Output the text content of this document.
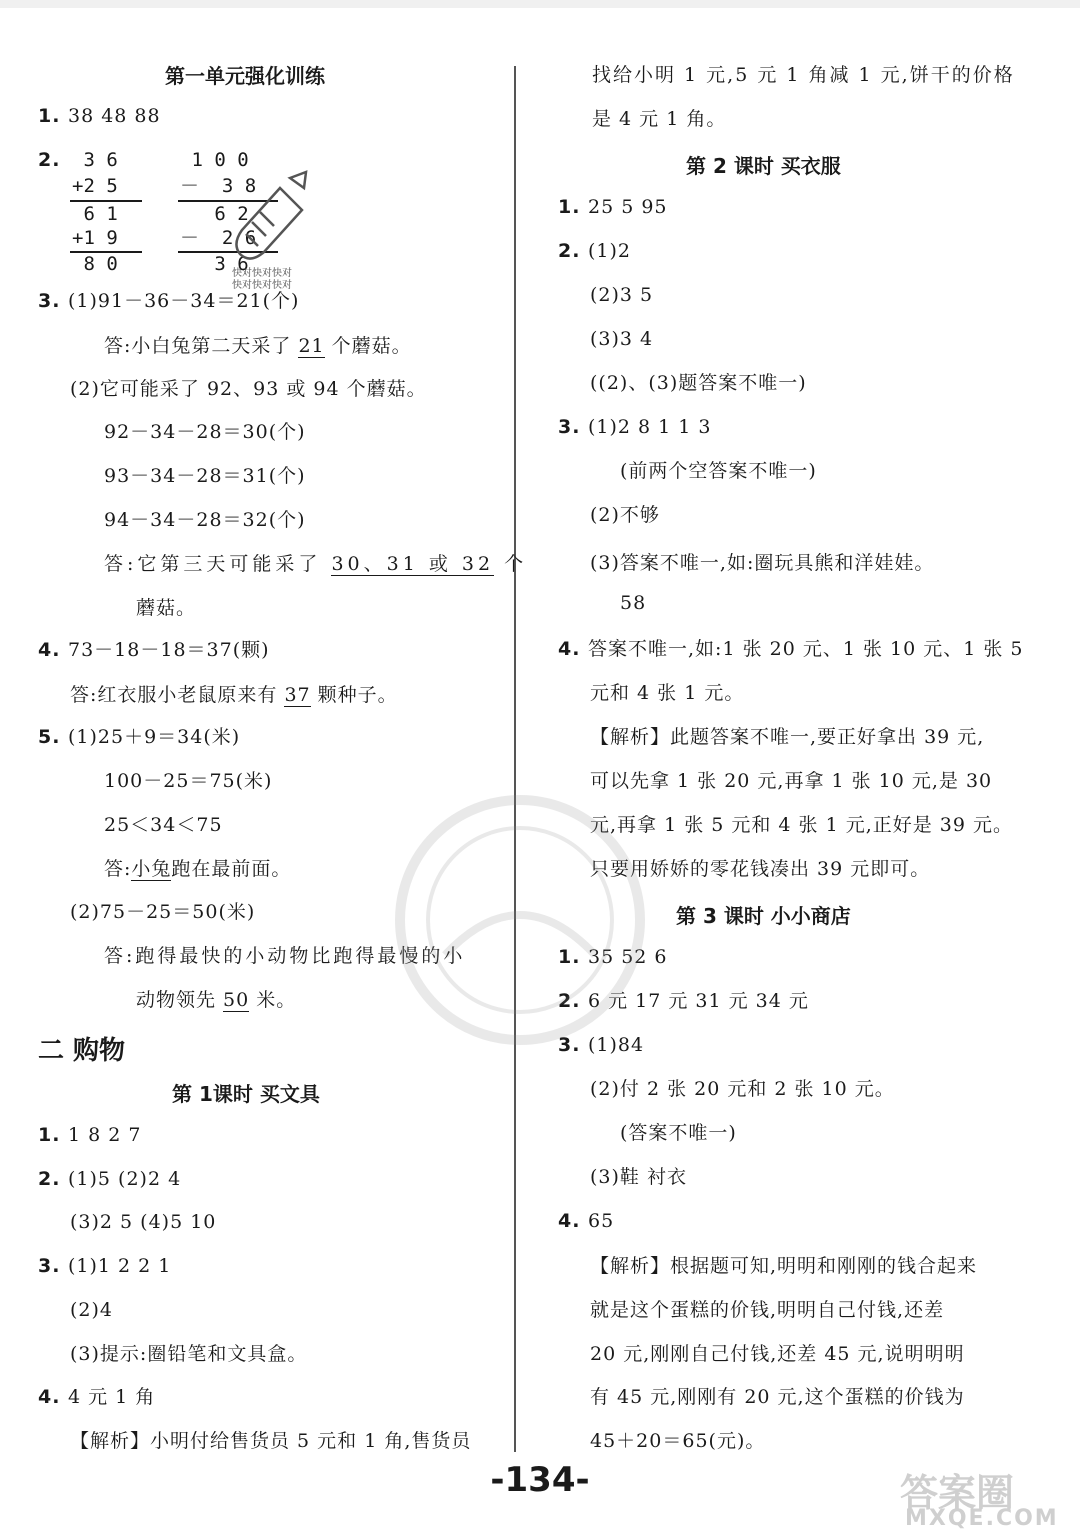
第一单元强化训练
1. 38 48 88
2. 3 6
+2 5
6 1
+1 9
8 0
1 0 0
－  3 8
6 2
－  2 6
3 6
快对快对快对
快对快对快对
3. (1)91－36－34＝21(个)
答:小白兔第二天采了 21 个蘑菇。
(2)它可能采了 92、93 或 94 个蘑菇。
92－34－28＝30(个)
93－34－28＝31(个)
94－34－28＝32(个)
答:它第三天可能采了 30、31 或 32 个
蘑菇。
4. 73－18－18＝37(颗)
答:红衣服小老鼠原来有 37 颗种子。
5. (1)25＋9＝34(米)
100－25＝75(米)
25＜34＜75
答:小兔跑在最前面。
(2)75－25＝50(米)
答:跑得最快的小动物比跑得最慢的小
动物领先 50 米。
二 购物
第 1课时 买文具
1. 1 8 2 7
2. (1)5 (2)2 4
(3)2 5 (4)5 10
3. (1)1 2 2 1
(2)4
(3)提示:圈铅笔和文具盒。
4. 4 元 1 角
【解析】小明付给售货员 5 元和 1 角,售货员
找给小明 1 元,5 元 1 角减 1 元,饼干的价格
是 4 元 1 角。
第 2 课时 买衣服
1. 25 5 95
2. (1)2
(2)3 5
(3)3 4
((2)、(3)题答案不唯一)
3. (1)2 8 1 1 3
(前两个空答案不唯一)
(2)不够
(3)答案不唯一,如:圈玩具熊和洋娃娃。
58
4. 答案不唯一,如:1 张 20 元、1 张 10 元、1 张 5
元和 4 张 1 元。
【解析】此题答案不唯一,要正好拿出 39 元,
可以先拿 1 张 20 元,再拿 1 张 10 元,是 30
元,再拿 1 张 5 元和 4 张 1 元,正好是 39 元。
只要用娇娇的零花钱凑出 39 元即可。
第 3 课时 小小商店
1. 35 52 6
2. 6 元 17 元 31 元 34 元
3. (1)84
(2)付 2 张 20 元和 2 张 10 元。
(答案不唯一)
(3)鞋 衬衣
4. 65
【解析】根据题可知,明明和刚刚的钱合起来
就是这个蛋糕的价钱,明明自己付钱,还差
20 元,刚刚自己付钱,还差 45 元,说明明明
有 45 元,刚刚有 20 元,这个蛋糕的价钱为
45＋20＝65(元)。
-134-	答案圈
MXQE.COM
